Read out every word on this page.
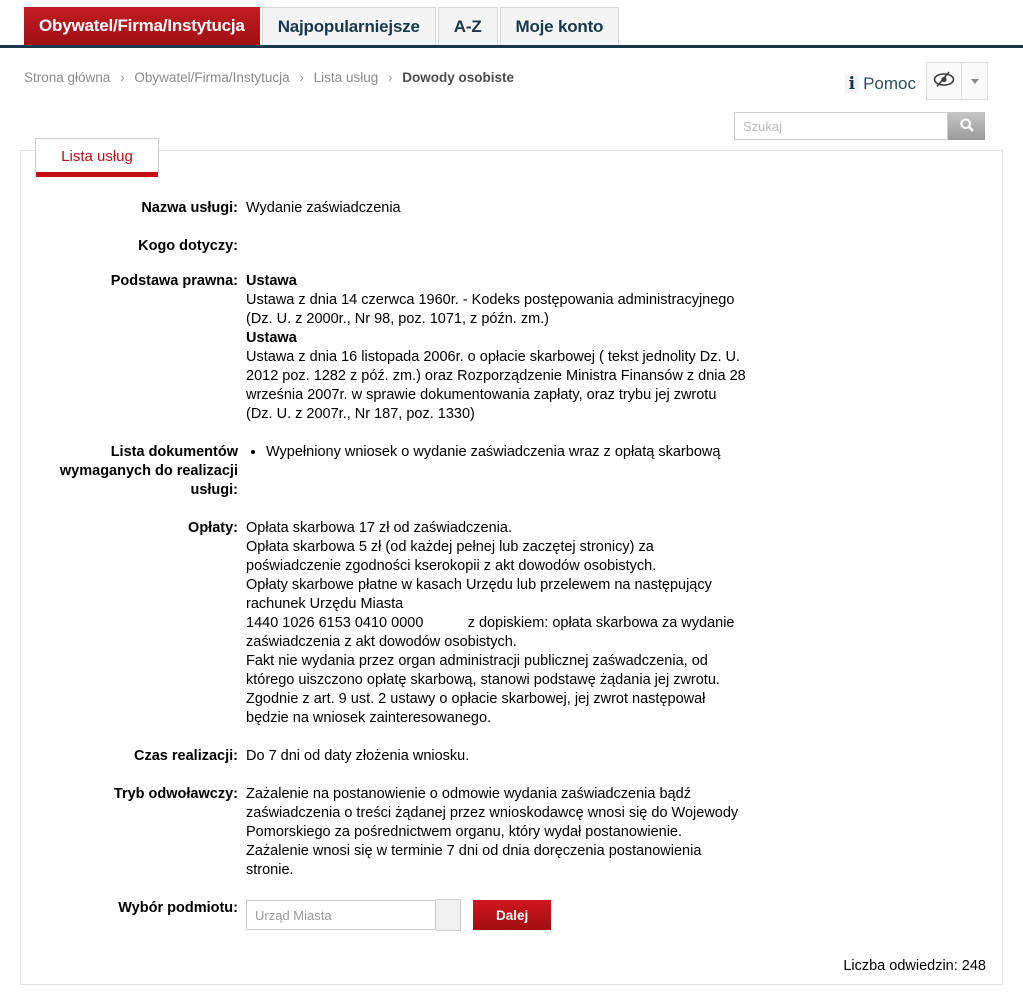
Obywatel/Firma/Instytucja	Najpopularniejsze	A-Z	Moje konto
Strona główna › Obywatel/Firma/Instytucja › Lista usług › Dowody osobiste	i Pomoc
Szukaj
Lista usług
Nazwa usługi: Wydanie zaświadczenia
Kogo dotyczy:
Podstawa prawna: Ustawa
Ustawa z dnia 14 czerwca 1960r. - Kodeks postępowania administracyjnego (Dz. U. z 2000r., Nr 98, poz. 1071, z późn. zm.)
Ustawa
Ustawa z dnia 16 listopada 2006r. o opłacie skarbowej ( tekst jednolity Dz. U. 2012 poz. 1282 z póź. zm.) oraz Rozporządzenie Ministra Finansów z dnia 28 września 2007r. w sprawie dokumentowania zapłaty, oraz trybu jej zwrotu (Dz. U. z 2007r., Nr 187, poz. 1330)
Lista dokumentów wymaganych do realizacji usługi:
• Wypełniony wniosek o wydanie zaświadczenia wraz z opłatą skarbową
Opłaty: Opłata skarbowa 17 zł od zaświadczenia.
Opłata skarbowa 5 zł (od każdej pełnej lub zaczętej stronicy) za poświadczenie zgodności kserokopii z akt dowodów osobistych.
Opłaty skarbowe płatne w kasach Urzędu lub przelewem na następujący rachunek Urzędu Miasta
1440 1026 6153 0410 0000           z dopiskiem: opłata skarbowa za wydanie zaświadczenia z akt dowodów osobistych.
Fakt nie wydania przez organ administracji publicznej zaśwadczenia, od którego uiszczono opłatę skarbową, stanowi podstawę żądania jej zwrotu. Zgodnie z art. 9 ust. 2 ustawy o opłacie skarbowej, jej zwrot następował będzie na wniosek zainteresowanego.
Czas realizacji: Do 7 dni od daty złożenia wniosku.
Tryb odwoławczy: Zażalenie na postanowienie o odmowie wydania zaświadczenia bądź zaświadczenia o treści żądanej przez wnioskodawcę wnosi się do Wojewody Pomorskiego za pośrednictwem organu, który wydał postanowienie. Zażalenie wnosi się w terminie 7 dni od dnia doręczenia postanowienia stronie.
Wybór podmiotu: Urząd Miasta	Dalej
Liczba odwiedzin: 248
